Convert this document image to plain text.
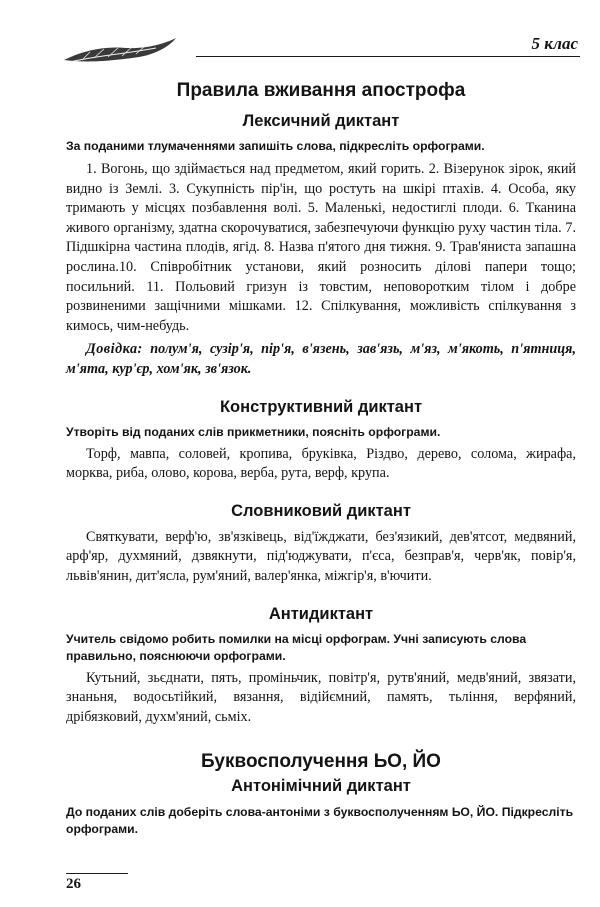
5 клас
Правила вживання апострофа
Лексичний диктант

За поданими тлумаченнями запишіть слова, підкресліть орфограми.

1. Вогонь, що здіймається над предметом, який горить. 2. Візерунок зірок, який видно із Землі. 3. Сукупність пір'ін, що ростуть на шкірі птахів. 4. Особа, яку тримають у місцях позбавлення волі. 5. Маленькі, недостиглі плоди. 6. Тканина живого організму, здатна скорочуватися, забезпечуючи функцію руху частин тіла. 7. Підшкірна частина плодів, ягід. 8. Назва п'ятого дня тижня. 9. Трав'яниста запашна рослина.10. Співробітник установи, який розносить ділові папери тощо; посильний. 11. Польовий гризун із товстим, неповоротким тілом і добре розвиненими защічними мішками. 12. Спілкування, можливість спілкування з кимось, чим-небудь.

Довідка: полум'я, сузір'я, пір'я, в'язень, зав'язь, м'яз, м'якоть, п'ятниця, м'ята, кур'єр, хом'як, зв'язок.

Конструктивний диктант

Утворіть від поданих слів прикметники, поясніть орфограми.

Торф, мавпа, соловей, кропива, бруківка, Різдво, дерево, солома, жирафа, морква, риба, олово, корова, верба, рута, верф, крупа.

Словниковий диктант

Святкувати, верф'ю, зв'язківець, від'їжджати, без'язикий, дев'ятсот, медвяний, арф'яр, духмяний, дзвякнути, під'юджувати, п'єса, безправ'я, черв'як, повір'я, львів'янин, дит'ясла, рум'яний, валер'янка, міжгір'я, в'ючити.

Антидиктант

Учитель свідомо робить помилки на місці орфограм. Учні записують слова правильно, пояснюючи орфограми.

Кутьний, зьєднати, пять, проміньчик, повітр'я, рутв'яний, медв'яний, звязати, знаньня, водосьтійкий, вязання, відійємний, память, тьління, верфяний, дрібязковий, духм'яний, сьміх.

Буквосполучення ЬО, ЙО
Антонімічний диктант

До поданих слів доберіть слова-антоніми з буквосполученням ЬО, ЙО. Підкресліть орфограми.

26
